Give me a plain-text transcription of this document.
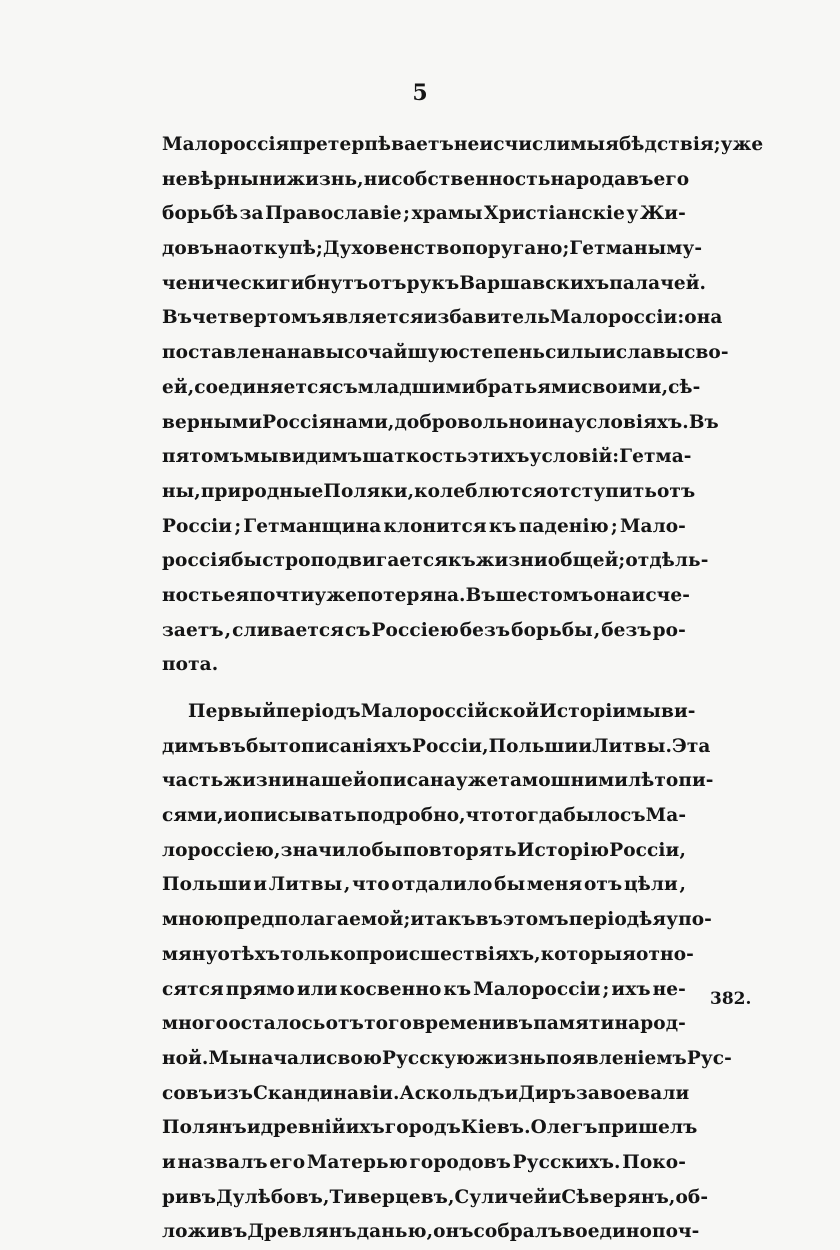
5
Малороссія претерпѣваетъ неисчислимыя бѣдствія; уже
не вѣрны ни жизнь, ни собственность народа въ его
борьбѣ за Православіе ; храмы Христіанскіе у Жи-
довъ на откупѣ; Духовенство поругано; Гетманы му-
ченически гибнутъ отъ рукъ Варшавскихъ палачей.
Въ четвертомъ является избавитель Малороссіи : она
поставлена на высочайшую степень силы и славы сво-
ей, соединяется съ младшими братьями своими , сѣ-
верными Россіянами, добровольно и на условіяхъ. Въ
пятомъ мы видимъ шаткость этихъ условій : Гетма-
ны , природные Поляки , колеблются отступить отъ
Россіи ; Гетманщина клонится къ паденію ; Мало-
россія быстро подвигается къ жизни общей; отдѣль-
ность ея почти уже потеряна. Въ шестомъ она исче-
заетъ , сливается съ Россіею безъ борьбы , безъ ро-
пота.
Первый періодъ Малороссійской Исторіи мы ви-
димъ въ бытописаніяхъ Россіи, Польши и Литвы. Эта
часть жизни нашей описана уже тамошними лѣтопи-
сями, и описывать подробно, что тогда было съ Ма-
лороссіею , значило бы повторять Исторію Россіи ,
Польши и Литвы , что отдалило бы меня отъ цѣли ,
мною предполагаемой; и такъ въ этомъ періодѣ я упо-
мяну о тѣхъ только происшествіяхъ , которыя отно-
сятся прямо или косвенно къ Малороссіи ; ихъ не-
много осталось отъ того времени въ памяти народ-
ной. Мы начали свою Русскую жизнь появленіемъ Рус-
совъ изъ Скандинавіи. Аскольдъ и Диръ завоевали
Полянъ и древній ихъ городъ Кіевъ. Олегъ пришелъ
и назвалъ его Матерью городовъ Русскихъ. Поко-
ривъ Дулѣбовъ, Тиверцевъ, Суличей и Сѣверянъ, об-
ложивъ Древлянъ данью, онъ собралъ во едино поч-
382.
